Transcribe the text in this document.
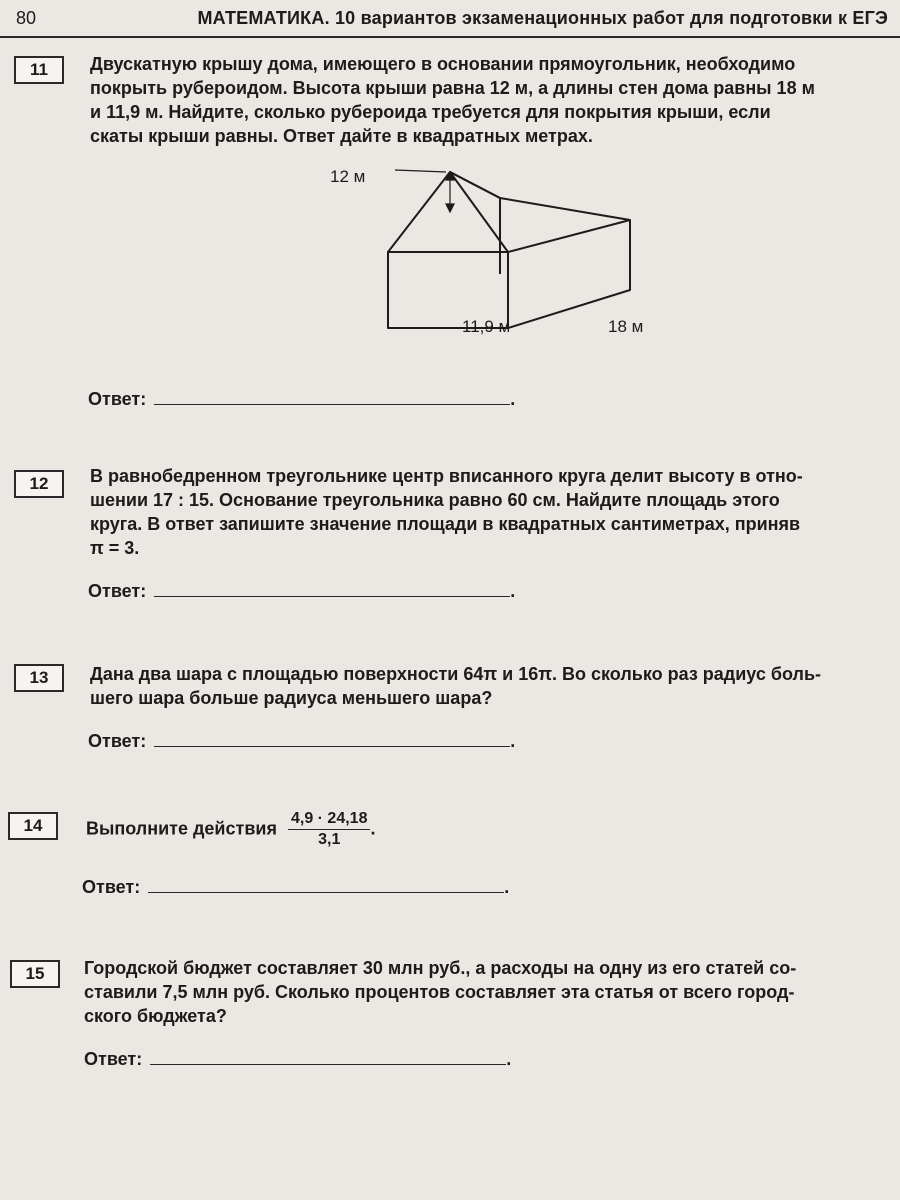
80	МАТЕМАТИКА. 10 вариантов экзаменационных работ для подготовки к ЕГЭ
11	Двускатную крышу дома, имеющего в основании прямоугольник, необходимо
покрыть рубероидом. Высота крыши равна 12 м, а длины стен дома равны 18 м
и 11,9 м. Найдите, сколько рубероида требуется для покрытия крыши, если
скаты крыши равны. Ответ дайте в квадратных метрах.
12 м
11,9 м	18 м
Ответ:	.
12	В равнобедренном треугольнике центр вписанного круга делит высоту в отно-
шении 17 : 15. Основание треугольника равно 60 см. Найдите площадь этого
круга. В ответ запишите значение площади в квадратных сантиметрах, приняв
π = 3.
Ответ:	.
13	Дана два шара с площадью поверхности 64π и 16π. Во сколько раз радиус боль-
шего шара больше радиуса меньшего шара?
Ответ:	.
14	Выполните действия $\frac{4,9 \cdot 24,18}{3,1}$ .
Ответ:	.
15	Городской бюджет составляет 30 млн руб., а расходы на одну из его статей со-
ставили 7,5 млн руб. Сколько процентов составляет эта статья от всего город-
ского бюджета?
Ответ:	.
